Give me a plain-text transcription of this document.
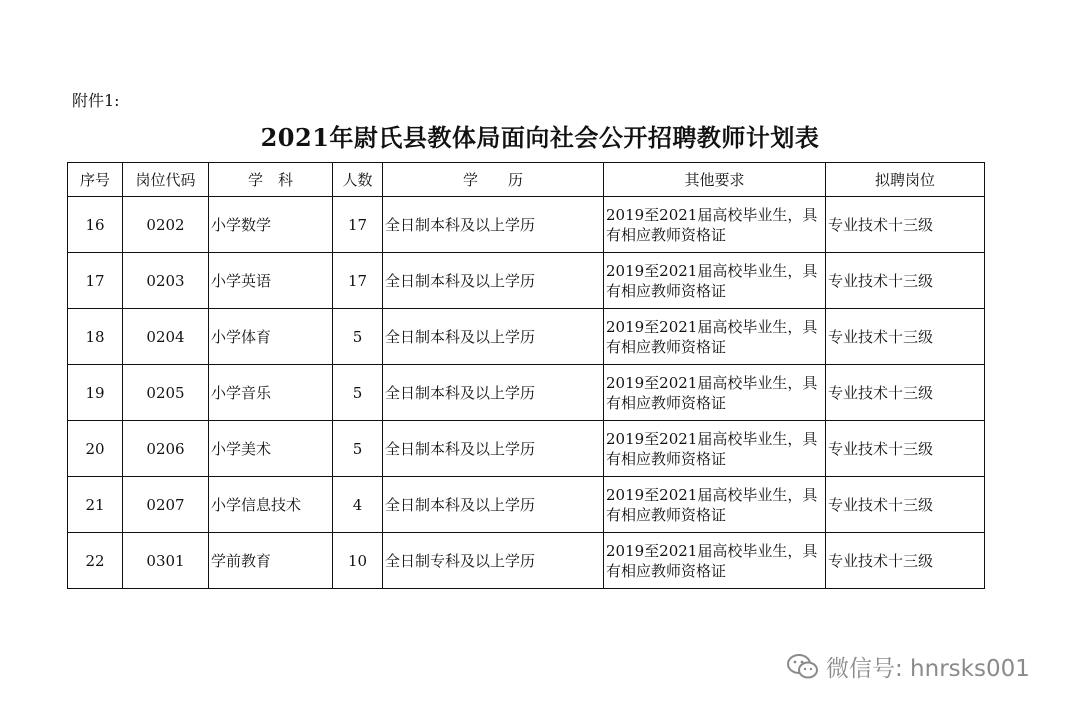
附件1:
2021年尉氏县教体局面向社会公开招聘教师计划表
序号	岗位代码	学　科	人数	学　　历	其他要求	拟聘岗位
16	0202	小学数学	17	全日制本科及以上学历	2019至2021届高校毕业生，具有相应教师资格证	专业技术十三级
17	0203	小学英语	17	全日制本科及以上学历	2019至2021届高校毕业生，具有相应教师资格证	专业技术十三级
18	0204	小学体育	5	全日制本科及以上学历	2019至2021届高校毕业生，具有相应教师资格证	专业技术十三级
19	0205	小学音乐	5	全日制本科及以上学历	2019至2021届高校毕业生，具有相应教师资格证	专业技术十三级
20	0206	小学美术	5	全日制本科及以上学历	2019至2021届高校毕业生，具有相应教师资格证	专业技术十三级
21	0207	小学信息技术	4	全日制本科及以上学历	2019至2021届高校毕业生，具有相应教师资格证	专业技术十三级
22	0301	学前教育	10	全日制专科及以上学历	2019至2021届高校毕业生，具有相应教师资格证	专业技术十三级
微信号: hnrsks001
